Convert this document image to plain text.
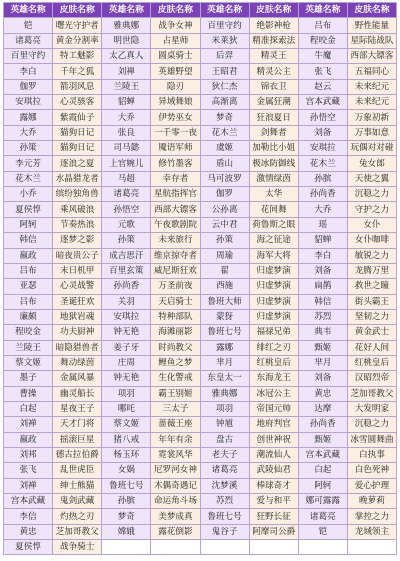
英雄名称	皮肤名称	英雄名称	皮肤名称	英雄名称	皮肤名称	英雄名称	皮肤名称
铠	曙光守护者	雅典娜	战争女神	百里守约	绝影神枪	吕布	野性能量
诸葛亮	黄金分割率	明世隐	占星师	米莱狄	精准探索法	程咬金	星际陆战队
百里守约	特工魅影	太乙真人	圆桌骑士	后羿	精灵王	牛魔	西部大镖客
李白	千年之狐	刘禅	英雄野望	王昭君	精灵公主	张飞	五福同心
伽罗	箭羽风息	兰陵王	隐刃	狄仁杰	锦衣卫	赵云	未来纪元
安琪拉	心灵骇客	貂蝉	异域舞娘	高渐离	金属狂潮	宫本武藏	未来纪元
露娜	紫霞仙子	大乔	伊势巫女	梦奇	狂浪夏日	孙悟空	万象初新
大乔	猫狗日记	张良	一千零一夜	花木兰	剑舞者	刘备	万事如意
孙策	猫狗日记	司马懿	魇语军师	虞姬	加勒比小姐	安琪拉	玩偶对对碰
李元芳	逐浪之夏	上官婉儿	修竹墨客	盾山	极冰防御线	花木兰	兔女郎
花木兰	水晶猎龙者	马超	幸存者	马可波罗	激情绿茵	孙膑	天使之翼
小乔	缤纷独角兽	诸葛亮	星航指挥官	伽罗	太华	孙尚香	沉稳之力
夏侯惇	乘风破浪	孙悟空	西部大镖客	公孙离	花间舞	大乔	守护之力
阿轲	节奏热浪	元歌	午夜歌剧院	云中君	荷鲁斯之眼	瑶	女仆
韩信	逐梦之影	孙策	未来旅行	孙策	海之征途	貂蝉	女仆咖啡
嬴政	暗夜贵公子	成吉思汗	维京掠夺者	周瑜	海军大将	李白	敏锐之力
吕布	末日机甲	百里玄策	威尼斯狂欢	翟	归虚梦演	刘备	龙腾万里
亚瑟	心灵战警	孙尚香	万圣前夜	西施	归虚梦演	扁鹊	救世之瞳
吕布	圣诞狂欢	关羽	天启骑士	鲁班大师	归虚梦演	韩信	街头霸王
廉颇	地狱岩魂	安琪拉	特种部队	蒙犽	归虚梦演	苏烈	坚韧之力
程咬金	功夫厨神	钟无艳	海滩丽影	鲁班七号	福禄兄弟	典韦	黄金武士
兰陵王	暗隐猎兽者	姜子牙	时尚教父	露娜	绯红之刃	甄姬	花好人间
蔡文姬	舞动绿茵	庄周	鲤鱼之梦	芈月	红桃皇后	芈月	红桃皇后
墨子	金属风暴	钟无艳	生化警戒	东皇太一	东海龙王	刘备	汉昭烈帝
曹操	幽灵船长	项羽	霸王别姬	雅典娜	冰冠公主	黄忠	芝加哥教父
白起	星夜王子	哪吒	三太子	项羽	帝国元帅	达摩	大发明家
刘禅	天才门将	蔡文姬	蔷薇王座	钟馗	地府判官	孙尚香	沉稳之力
嬴政	摇滚巨星	猪八戒	年年有余	盘古	创世神祝	甄姬	冰雪圆舞曲
刘邦	德古拉伯爵	杨玉环	霓裳风华	老夫子	潮流仙人	宫本武藏	白执事
张飞	乱世虎臣	女娲	尼罗河女神	诸葛亮	武陵仙君	白起	白色死神
刘禅	绅士熊猫	鲁班七号	木偶奇遇记	沈梦溪	棒球奇才	阿轲	爱心护理
宫本武藏	鬼剑武藏	孙膑	命运角斗场	苏烈	爱与和平	娜可露露	晚萝莉
李信	灼热之刃	梦奇	美梦成真	鲁班七号	狂野长征	诸葛亮	掌控之力
黄忠	芝加哥教父	嫦娥	露花倒影	鬼谷子	阿摩司公爵	铠	龙域领主
夏侯惇	战争骑士						
